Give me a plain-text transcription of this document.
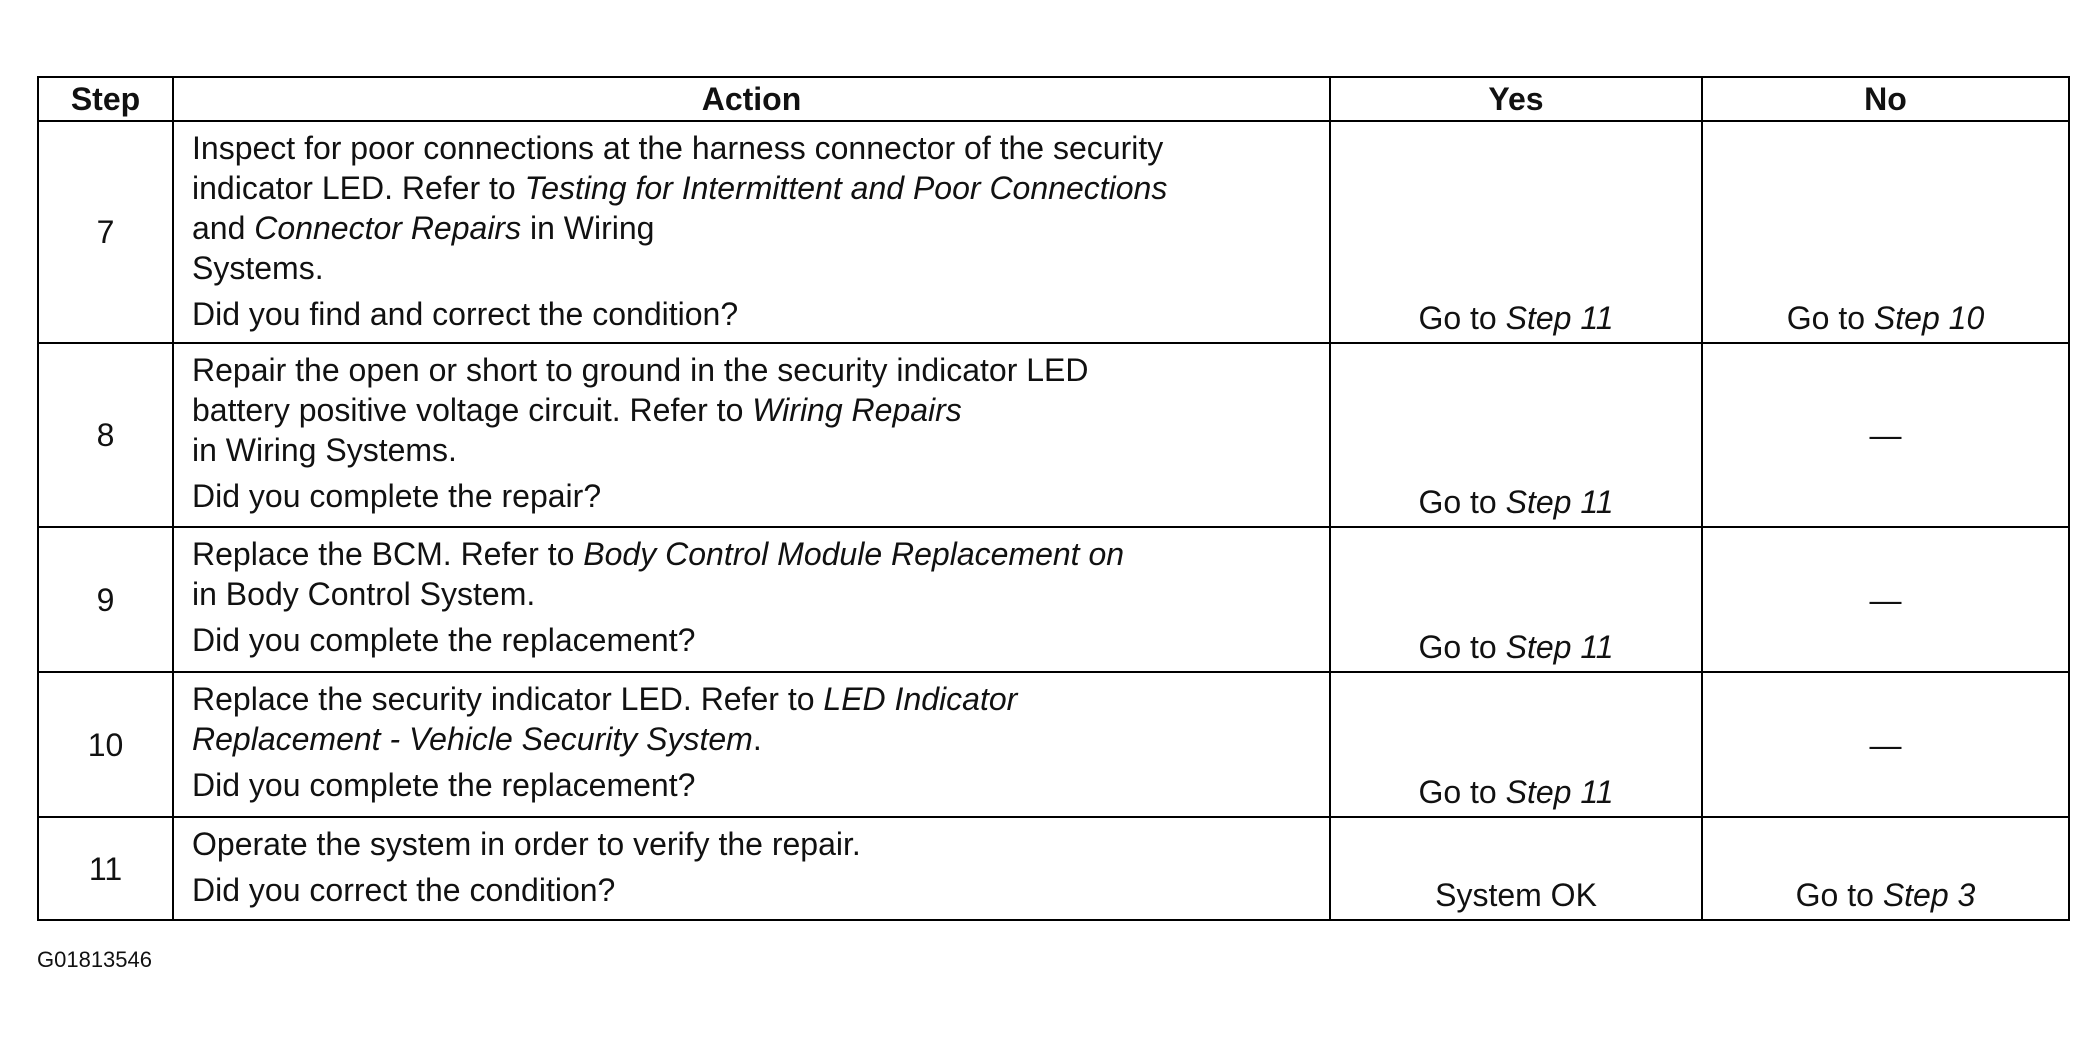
Step	Action	Yes	No
7	Inspect for poor connections at the harness connector of the security
indicator LED. Refer to Testing for Intermittent and Poor Connections
and Connector Repairs in Wiring
Systems.
Did you find and correct the condition?	Go to Step 11	Go to Step 10
8	Repair the open or short to ground in the security indicator LED
battery positive voltage circuit. Refer to Wiring Repairs
in Wiring Systems.
Did you complete the repair?	Go to Step 11	—
9	Replace the BCM. Refer to Body Control Module Replacement on
in Body Control System.
Did you complete the replacement?	Go to Step 11	—
10	Replace the security indicator LED. Refer to LED Indicator
Replacement - Vehicle Security System.
Did you complete the replacement?	Go to Step 11	—
11	Operate the system in order to verify the repair.
Did you correct the condition?	System OK	Go to Step 3
G01813546
